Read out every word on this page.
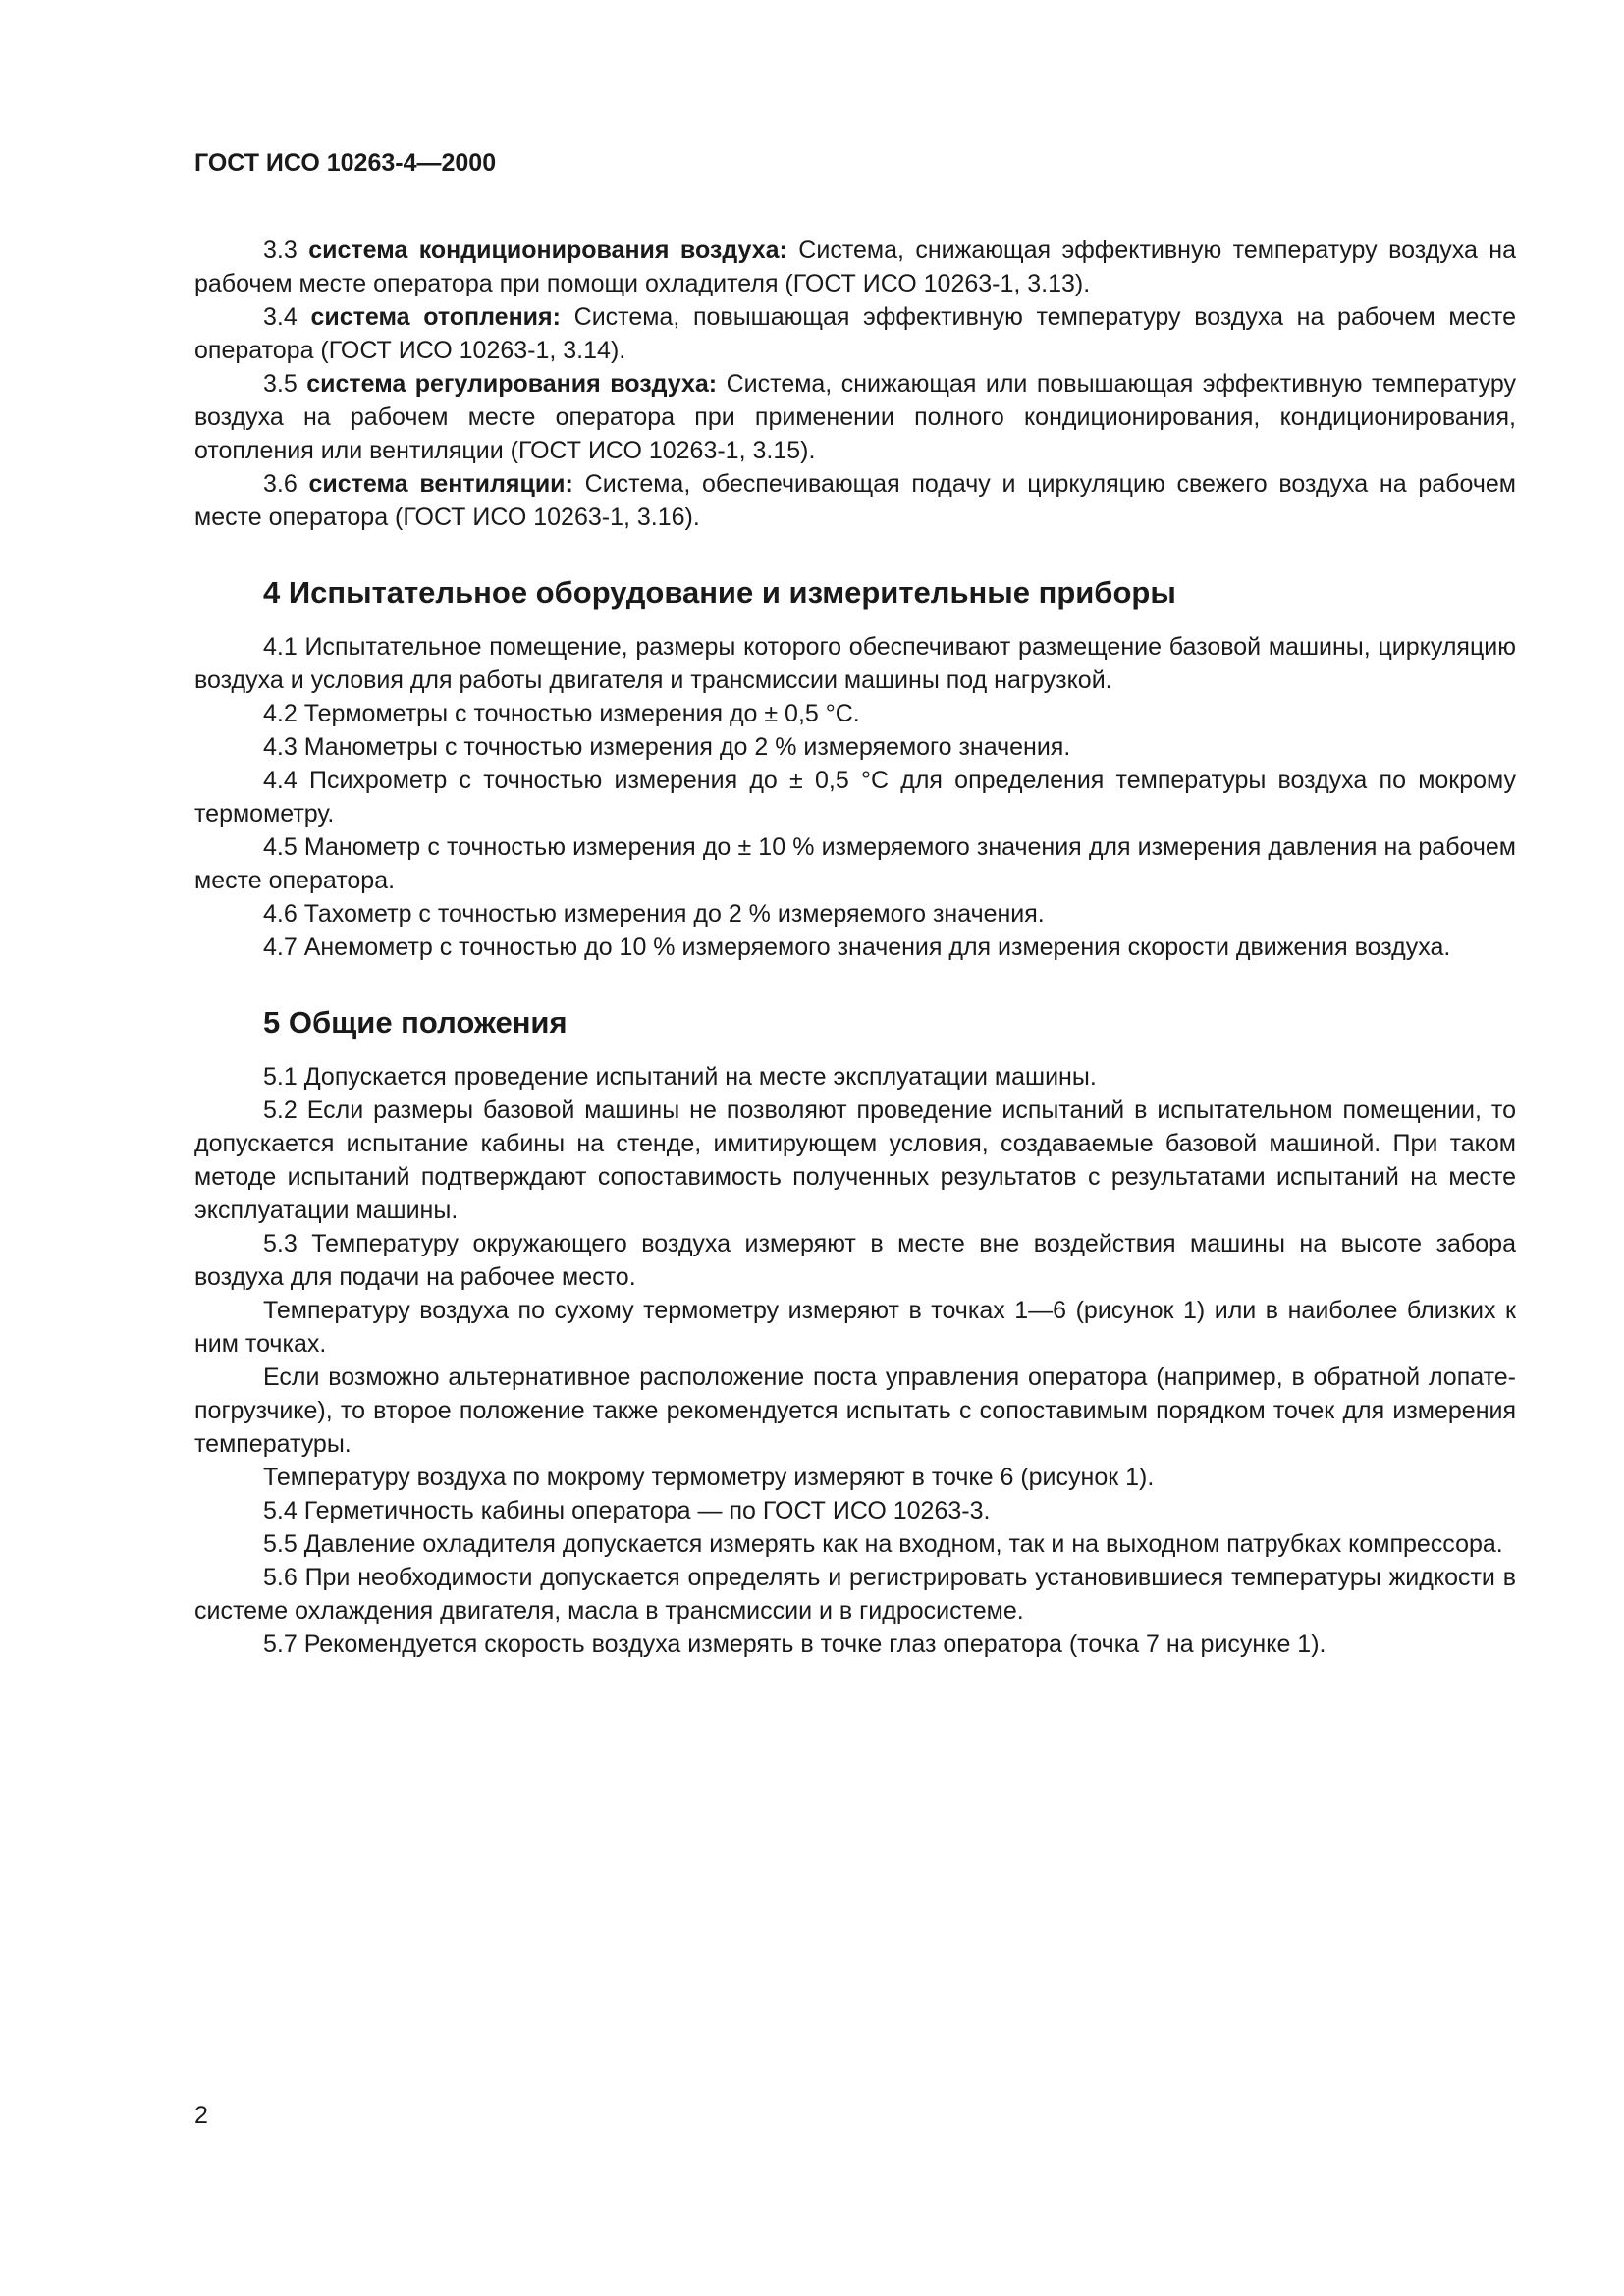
ГОСТ ИСО 10263-4—2000

3.3 система кондиционирования воздуха: Система, снижающая эффективную температуру воздуха на рабочем месте оператора при помощи охладителя (ГОСТ ИСО 10263-1, 3.13).

3.4 система отопления: Система, повышающая эффективную температуру воздуха на рабочем месте оператора (ГОСТ ИСО 10263-1, 3.14).

3.5 система регулирования воздуха: Система, снижающая или повышающая эффективную температуру воздуха на рабочем месте оператора при применении полного кондиционирования, кондиционирования, отопления или вентиляции (ГОСТ ИСО 10263-1, 3.15).

3.6 система вентиляции: Система, обеспечивающая подачу и циркуляцию свежего воздуха на рабочем месте оператора (ГОСТ ИСО 10263-1, 3.16).

4 Испытательное оборудование и измерительные приборы

4.1 Испытательное помещение, размеры которого обеспечивают размещение базовой машины, циркуляцию воздуха и условия для работы двигателя и трансмиссии машины под нагрузкой.

4.2 Термометры с точностью измерения до ± 0,5 °С.

4.3 Манометры с точностью измерения до 2 % измеряемого значения.

4.4 Психрометр с точностью измерения до ± 0,5 °С для определения температуры воздуха по мокрому термометру.

4.5 Манометр с точностью измерения до ± 10 % измеряемого значения для измерения давления на рабочем месте оператора.

4.6 Тахометр с точностью измерения до 2 % измеряемого значения.

4.7 Анемометр с точностью до 10 % измеряемого значения для измерения скорости движения воздуха.

5 Общие положения

5.1 Допускается проведение испытаний на месте эксплуатации машины.

5.2 Если размеры базовой машины не позволяют проведение испытаний в испытательном помещении, то допускается испытание кабины на стенде, имитирующем условия, создаваемые базовой машиной. При таком методе испытаний подтверждают сопоставимость полученных результатов с результатами испытаний на месте эксплуатации машины.

5.3 Температуру окружающего воздуха измеряют в месте вне воздействия машины на высоте забора воздуха для подачи на рабочее место.

Температуру воздуха по сухому термометру измеряют в точках 1—6 (рисунок 1) или в наиболее близких к ним точках.

Если возможно альтернативное расположение поста управления оператора (например, в обратной лопате-погрузчике), то второе положение также рекомендуется испытать с сопоставимым порядком точек для измерения температуры.

Температуру воздуха по мокрому термометру измеряют в точке 6 (рисунок 1).

5.4 Герметичность кабины оператора — по ГОСТ ИСО 10263-3.

5.5 Давление охладителя допускается измерять как на входном, так и на выходном патрубках компрессора.

5.6 При необходимости допускается определять и регистрировать установившиеся температуры жидкости в системе охлаждения двигателя, масла в трансмиссии и в гидросистеме.

5.7 Рекомендуется скорость воздуха измерять в точке глаз оператора (точка 7 на рисунке 1).

2
